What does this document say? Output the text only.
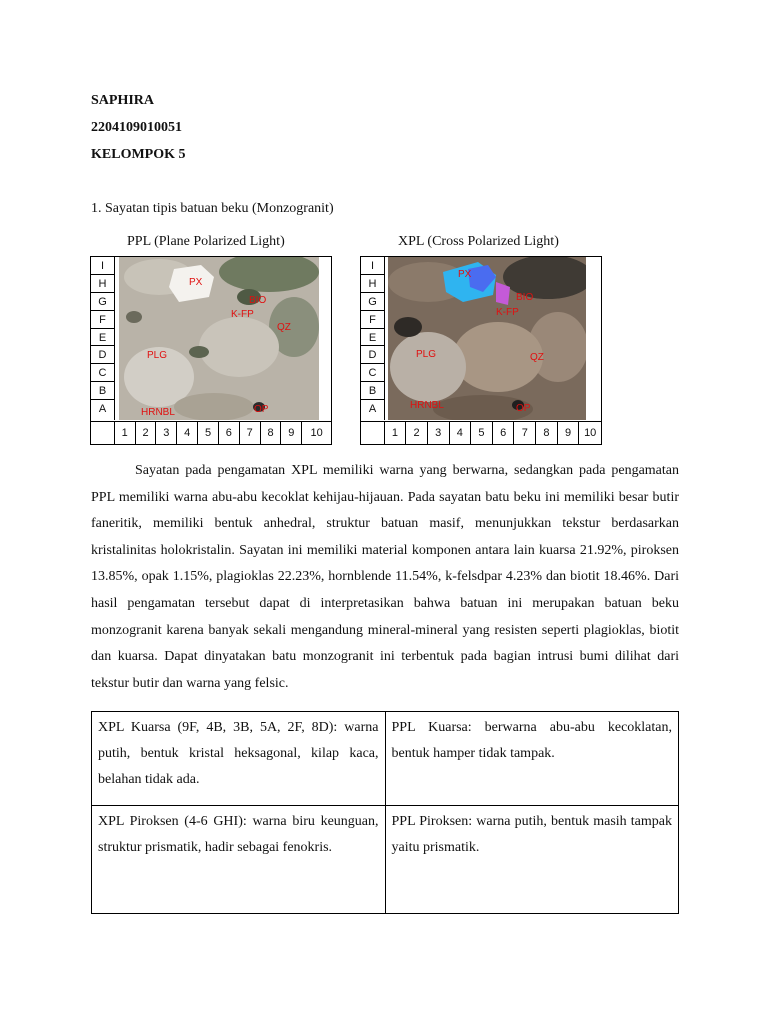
SAPHIRA
2204109010051
KELOMPOK 5
1. Sayatan tipis batuan beku (Monzogranit)
PPL (Plane Polarized Light)	XPL (Cross Polarized Light)
I
H
G
F
E
D
C
B
A
PX
BIO
K-FP
QZ
PLG
HRNBL	OP
1	2	3	4	5	6	7	8	9	10
I
H
G
F
E
D
C
B
A
PX
BIO
K-FP
QZ
PLG
HRNBL	OP
1	2	3	4	5	6	7	8	9	10
Sayatan pada pengamatan XPL memiliki warna yang berwarna, sedangkan pada pengamatan PPL memiliki warna abu-abu kecoklat kehijau-hijauan. Pada sayatan batu beku ini memiliki besar butir faneritik, memiliki bentuk anhedral, struktur batuan masif, menunjukkan tekstur berdasarkan kristalinitas holokristalin. Sayatan ini memiliki material komponen antara lain kuarsa 21.92%, piroksen 13.85%, opak 1.15%, plagioklas 22.23%, hornblende 11.54%, k-felsdpar 4.23% dan biotit 18.46%. Dari hasil pengamatan tersebut dapat di interpretasikan bahwa batuan ini merupakan batuan beku monzogranit karena banyak sekali mengandung mineral-mineral yang resisten seperti plagioklas, biotit dan kuarsa. Dapat dinyatakan batu monzogranit ini terbentuk pada bagian intrusi bumi dilihat dari tekstur butir dan warna yang felsic.
XPL Kuarsa (9F, 4B, 3B, 5A, 2F, 8D): warna putih, bentuk kristal heksagonal, kilap kaca, belahan tidak ada.	PPL Kuarsa: berwarna abu-abu kecoklatan, bentuk hamper tidak tampak.
XPL Piroksen (4-6 GHI): warna biru keunguan, struktur prismatik, hadir sebagai fenokris.	PPL Piroksen: warna putih, bentuk masih tampak yaitu prismatik.
